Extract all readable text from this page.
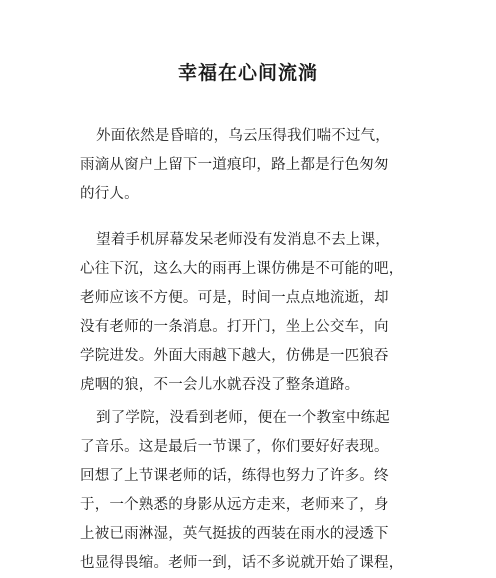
幸福在心间流淌
外面依然是昏暗的，乌云压得我们喘不过气，
雨滴从窗户上留下一道痕印，路上都是行色匆匆
的行人。
望着手机屏幕发呆老师没有发消息不去上课，
心往下沉，这么大的雨再上课仿佛是不可能的吧，
老师应该不方便。可是，时间一点点地流逝，却
没有老师的一条消息。打开门，坐上公交车，向
学院进发。外面大雨越下越大，仿佛是一匹狼吞
虎咽的狼，不一会儿水就吞没了整条道路。
到了学院，没看到老师，便在一个教室中练起
了音乐。这是最后一节课了，你们要好好表现。
回想了上节课老师的话，练得也努力了许多。终
于，一个熟悉的身影从远方走来，老师来了，身
上被已雨淋湿，英气挺拔的西装在雨水的浸透下
也显得畏缩。老师一到，话不多说就开始了课程，
